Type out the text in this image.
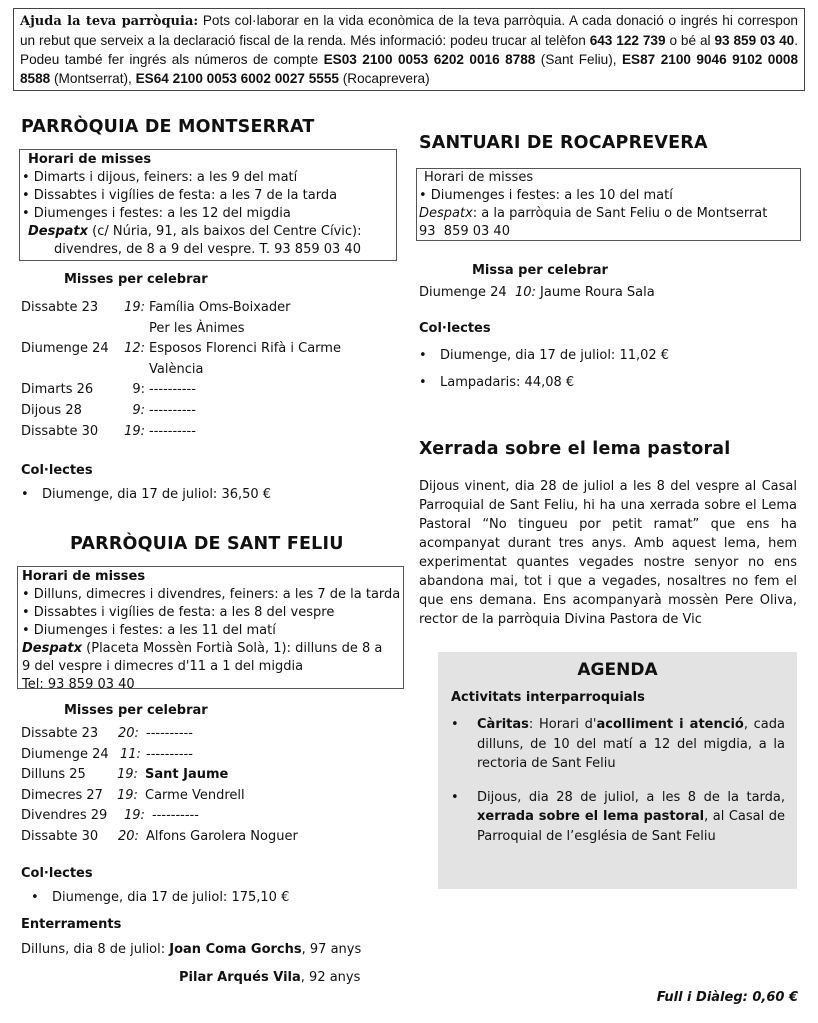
Ajuda la teva parròquia: Pots col·laborar en la vida econòmica de la teva parròquia. A cada donació o ingrés hi correspon un rebut que serveix a la declaració fiscal de la renda. Més informació: podeu trucar al telèfon 643 122 739 o bé al 93 859 03 40. Podeu també fer ingrés als números de compte ES03 2100 0053 6202 0016 8788 (Sant Feliu), ES87 2100 9046 9102 0008 8588 (Montserrat), ES64 2100 0053 6002 0027 5555 (Rocaprevera)
PARRÒQUIA DE MONTSERRAT
Horari de misses
• Dimarts i dijous, feiners: a les 9 del matí
• Dissabtes i vigílies de festa: a les 7 de la tarda
• Diumenges i festes: a les 12 del migdia
Despatx (c/ Núria, 91, als baixos del Centre Cívic):
divendres, de 8 a 9 del vespre. T. 93 859 03 40
Misses per celebrar
Dissabte 23 19: Família Oms-Boixader
Per les Ànimes
Diumenge 24 12: Esposos Florenci Rifà i Carme
València
Dimarts 26	9: ----------
Dijous 28	9: ----------
Dissabte 30 19: ----------
Col·lectes
• Diumenge, dia 17 de juliol: 36,50 €
PARRÒQUIA DE SANT FELIU
Horari de misses
• Dilluns, dimecres i divendres, feiners: a les 7 de la tarda
• Dissabtes i vigílies de festa: a les 8 del vespre
• Diumenges i festes: a les 11 del matí
Despatx (Placeta Mossèn Fortià Solà, 1): dilluns de 8 a
9 del vespre i dimecres d'11 a 1 del migdia
Tel: 93 859 03 40
Misses per celebrar
Dissabte 23 20: ----------
Diumenge 24 11: ----------
Dilluns 25 19: Sant Jaume
Dimecres 27 19: Carme Vendrell
Divendres 29 19: ----------
Dissabte 30 20: Alfons Garolera Noguer
Col·lectes
• Diumenge, dia 17 de juliol: 175,10 €
Enterraments
Dilluns, dia 8 de juliol: Joan Coma Gorchs, 97 anys
Pilar Arqués Vila, 92 anys
SANTUARI DE ROCAPREVERA
Horari de misses
• Diumenges i festes: a les 10 del matí
Despatx: a la parròquia de Sant Feliu o de Montserrat
93  859 03 40
Missa per celebrar
Diumenge 24 10: Jaume Roura Sala
Col·lectes
• Diumenge, dia 17 de juliol: 11,02 €
• Lampadaris: 44,08 €
Xerrada sobre el lema pastoral
Dijous vinent, dia 28 de juliol a les 8 del vespre al Casal Parroquial de Sant Feliu, hi ha una xerrada sobre el Lema Pastoral “No tingueu por petit ramat” que ens ha acompanyat durant tres anys. Amb aquest lema, hem experimentat quantes vegades nostre senyor no ens abandona mai, tot i que a vegades, nosaltres no fem el que ens demana. Ens acompanyarà mossèn Pere Oliva, rector de la parròquia Divina Pastora de Vic
AGENDA
Activitats interparroquials
• Càritas: Horari d'acolliment i atenció, cada dilluns, de 10 del matí a 12 del migdia, a la rectoria de Sant Feliu
• Dijous, dia 28 de juliol, a les 8 de la tarda, xerrada sobre el lema pastoral, al Casal de Parroquial de l’església de Sant Feliu
Full i Diàleg: 0,60 €
